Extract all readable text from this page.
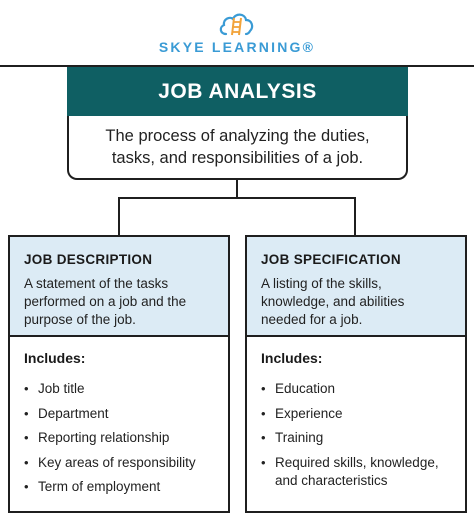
SKYE LEARNING®
JOB ANALYSIS
The process of analyzing the duties, tasks, and responsibilities of a job.
JOB DESCRIPTION
A statement of the tasks performed on a job and the purpose of the job.
Includes:
• Job title
• Department
• Reporting relationship
• Key areas of responsibility
• Term of employment
JOB SPECIFICATION
A listing of the skills, knowledge, and abilities needed for a job.
Includes:
• Education
• Experience
• Training
• Required skills, knowledge, and characteristics
